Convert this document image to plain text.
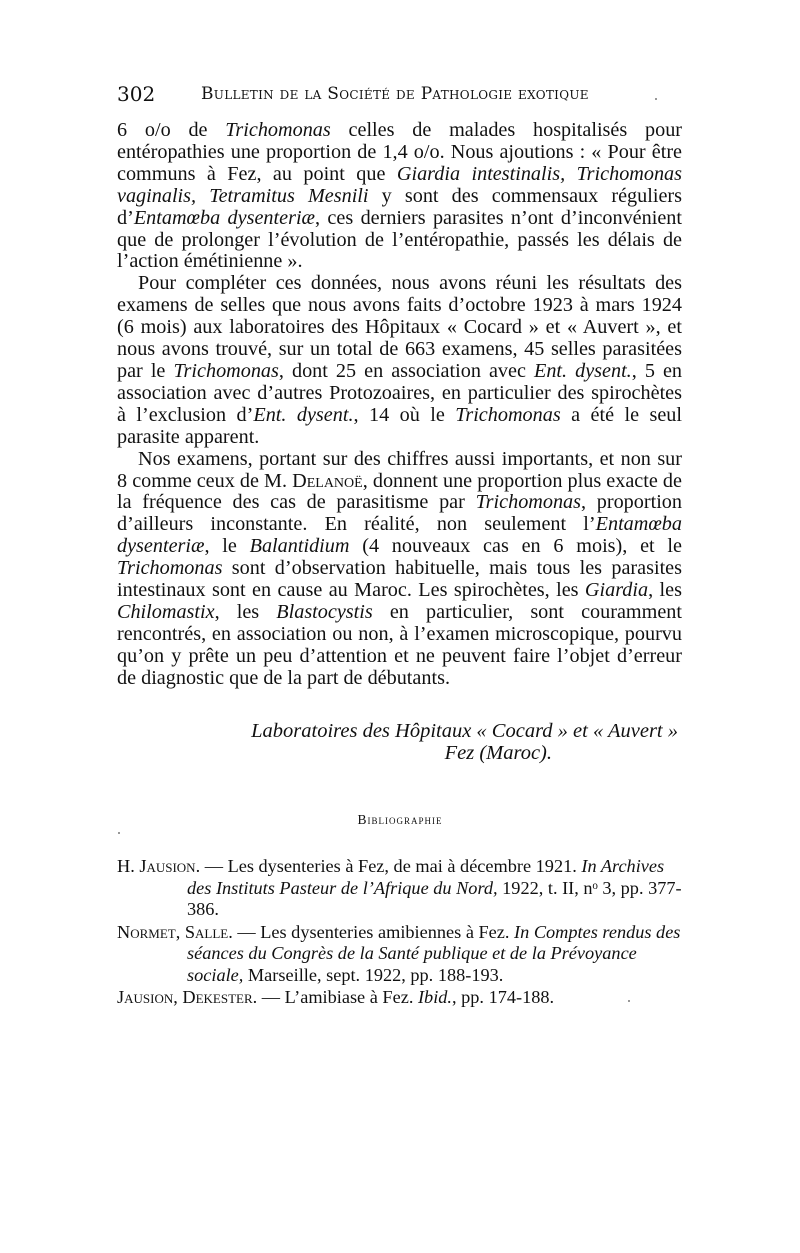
302	Bulletin de la Société de Pathologie exotique

6 o/o de Trichomonas celles de malades hospitalisés pour entéropathies une proportion de 1,4 o/o. Nous ajoutions : « Pour être communs à Fez, au point que Giardia intestinalis, Trichomonas vaginalis, Tetramitus Mesnili y sont des commensaux réguliers d’Entamœba dysenteriæ, ces derniers parasites n’ont d’inconvénient que de prolonger l’évolution de l’entéropathie, passés les délais de l’action émétinienne ».

Pour compléter ces données, nous avons réuni les résultats des examens de selles que nous avons faits d’octobre 1923 à mars 1924 (6 mois) aux laboratoires des Hôpitaux « Cocard » et « Auvert », et nous avons trouvé, sur un total de 663 examens, 45 selles parasitées par le Trichomonas, dont 25 en association avec Ent. dysent., 5 en association avec d’autres Protozoaires, en particulier des spirochètes à l’exclusion d’Ent. dysent., 14 où le Trichomonas a été le seul parasite apparent.

Nos examens, portant sur des chiffres aussi importants, et non sur 8 comme ceux de M. Delanoë, donnent une proportion plus exacte de la fréquence des cas de parasitisme par Trichomonas, proportion d’ailleurs inconstante. En réalité, non seulement l’Entamœba dysenteriæ, le Balantidium (4 nouveaux cas en 6 mois), et le Trichomonas sont d’observation habituelle, mais tous les parasites intestinaux sont en cause au Maroc. Les spirochètes, les Giardia, les Chilomastix, les Blastocystis en particulier, sont couramment rencontrés, en association ou non, à l’examen microscopique, pourvu qu’on y prête un peu d’attention et ne peuvent faire l’objet d’erreur de diagnostic que de la part de débutants.

Laboratoires des Hôpitaux « Cocard » et « Auvert »
Fez (Maroc).
Bibliographie

H. Jausion. — Les dysenteries à Fez, de mai à décembre 1921. In Archives des Instituts Pasteur de l’Afrique du Nord, 1922, t. II, nᵒ 3, pp. 377-386.

Normet, Salle. — Les dysenteries amibiennes à Fez. In Comptes rendus des séances du Congrès de la Santé publique et de la Prévoyance sociale, Marseille, sept. 1922, pp. 188-193.

Jausion, Dekester. — L’amibiase à Fez. Ibid., pp. 174-188.
